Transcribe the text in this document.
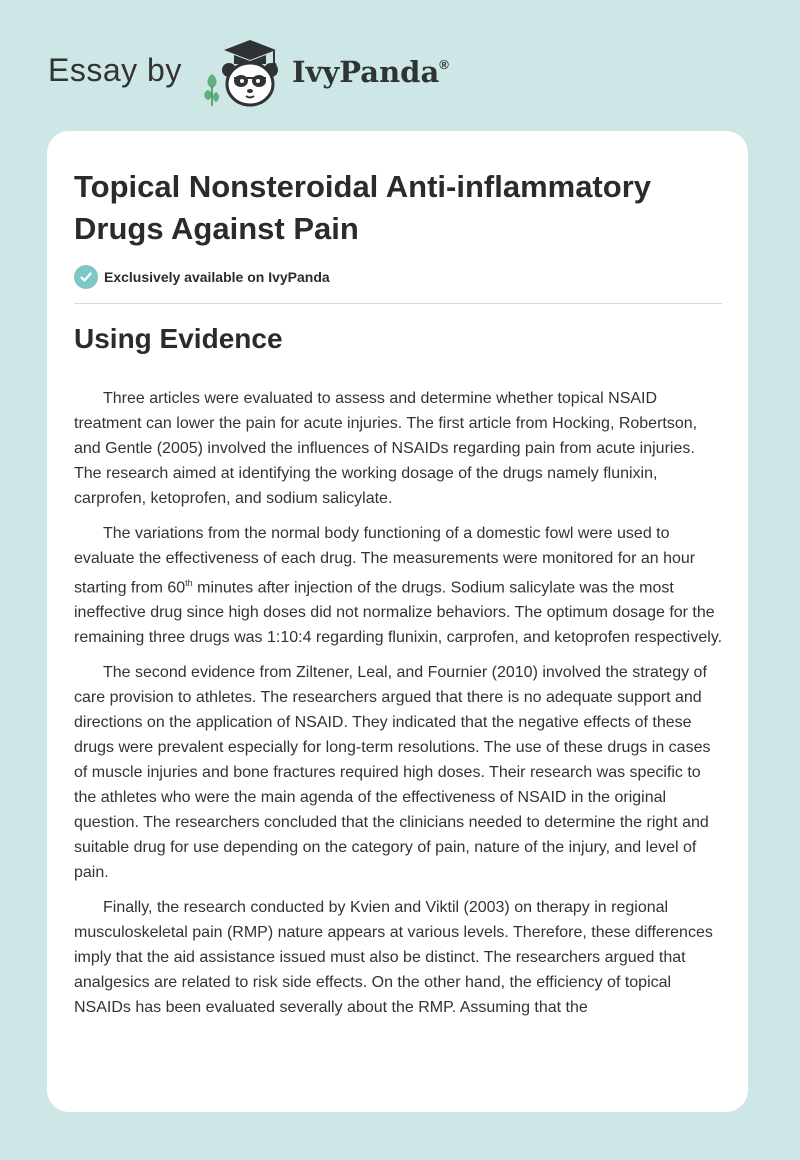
Essay by	IvyPanda®
Topical Nonsteroidal Anti-inflammatory Drugs Against Pain
Exclusively available on IvyPanda
Using Evidence

Three articles were evaluated to assess and determine whether topical NSAID treatment can lower the pain for acute injuries. The first article from Hocking, Robertson, and Gentle (2005) involved the influences of NSAIDs regarding pain from acute injuries. The research aimed at identifying the working dosage of the drugs namely flunixin, carprofen, ketoprofen, and sodium salicylate.

The variations from the normal body functioning of a domestic fowl were used to evaluate the effectiveness of each drug. The measurements were monitored for an hour starting from 60th minutes after injection of the drugs. Sodium salicylate was the most ineffective drug since high doses did not normalize behaviors. The optimum dosage for the remaining three drugs was 1:10:4 regarding flunixin, carprofen, and ketoprofen respectively.

The second evidence from Ziltener, Leal, and Fournier (2010) involved the strategy of care provision to athletes. The researchers argued that there is no adequate support and directions on the application of NSAID. They indicated that the negative effects of these drugs were prevalent especially for long-term resolutions. The use of these drugs in cases of muscle injuries and bone fractures required high doses. Their research was specific to the athletes who were the main agenda of the effectiveness of NSAID in the original question. The researchers concluded that the clinicians needed to determine the right and suitable drug for use depending on the category of pain, nature of the injury, and level of pain.

Finally, the research conducted by Kvien and Viktil (2003) on therapy in regional musculoskeletal pain (RMP) nature appears at various levels. Therefore, these differences imply that the aid assistance issued must also be distinct. The researchers argued that analgesics are related to risk side effects. On the other hand, the efficiency of topical NSAIDs has been evaluated severally about the RMP. Assuming that the
